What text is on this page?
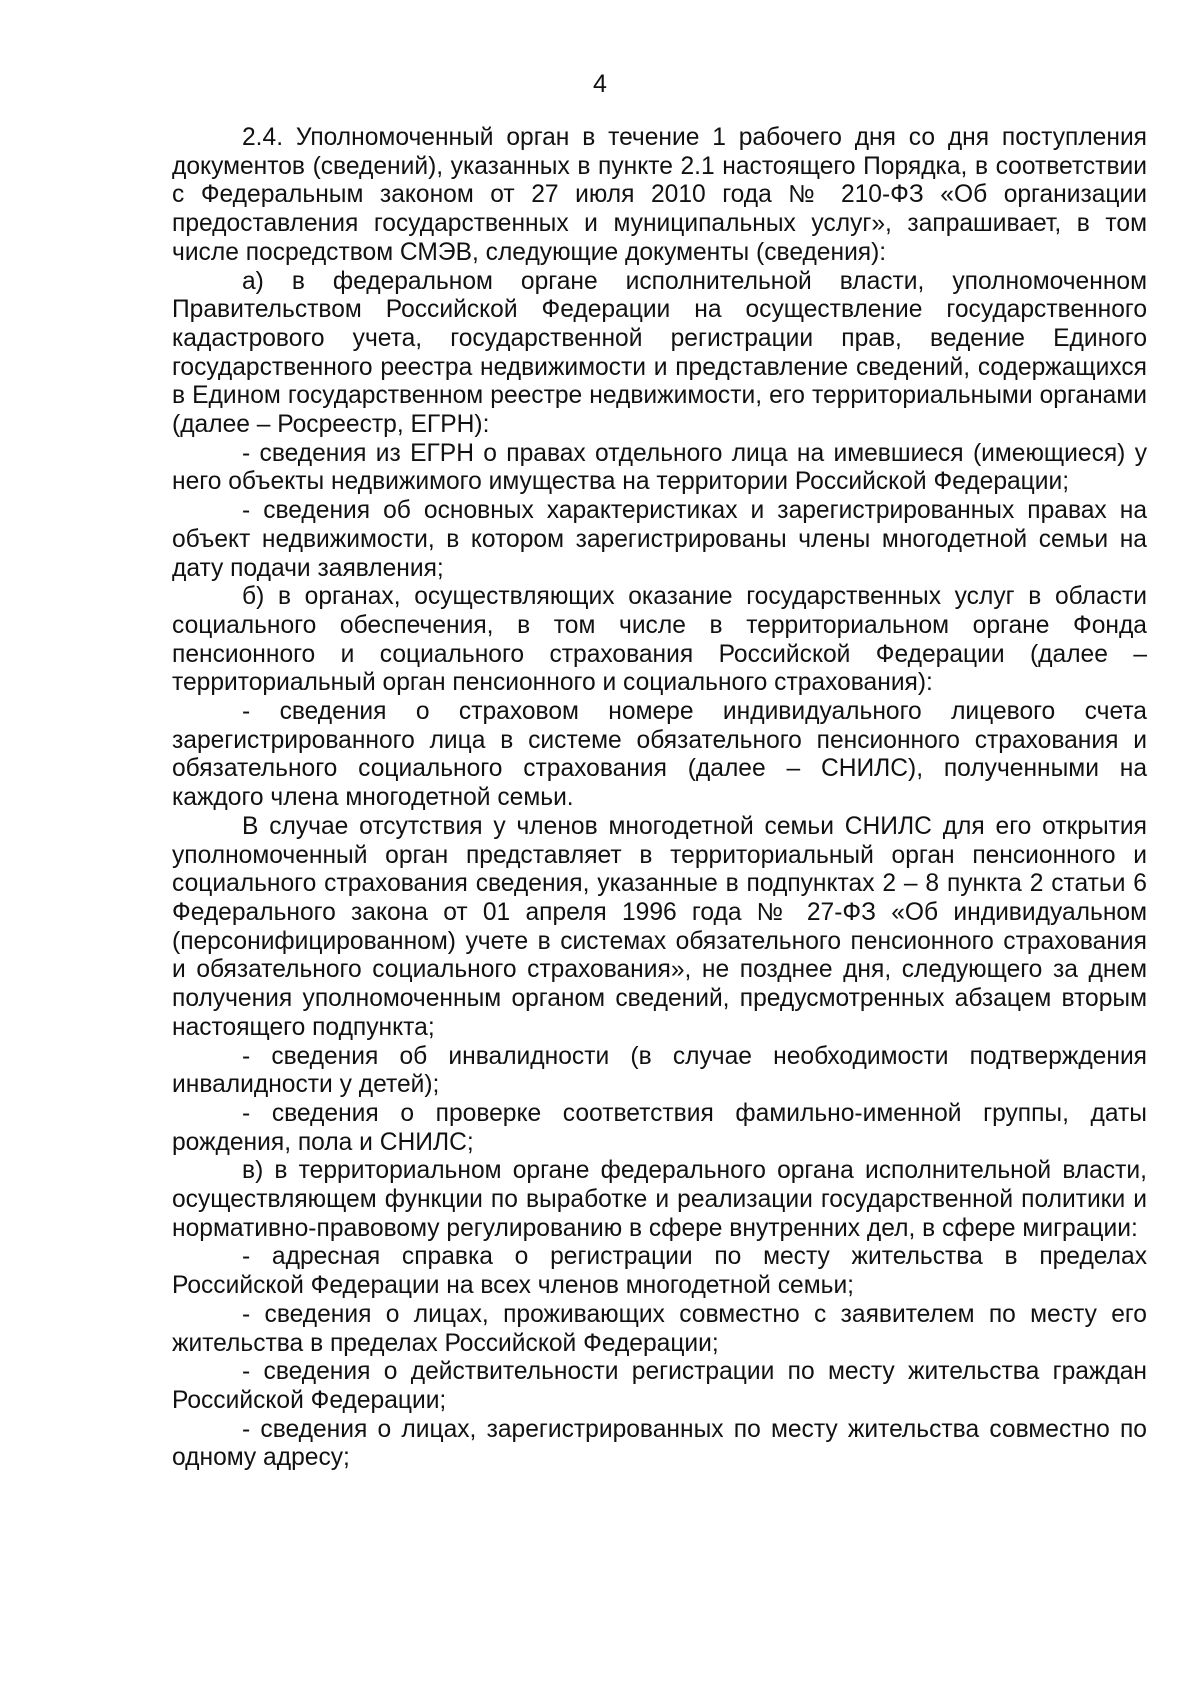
4

2.4. Уполномоченный орган в течение 1 рабочего дня со дня поступления документов (сведений), указанных в пункте 2.1 настоящего Порядка, в соответствии с Федеральным законом от 27 июля 2010 года № 210-ФЗ «Об организации предоставления государственных и муниципальных услуг», запрашивает, в том числе посредством СМЭВ, следующие документы (сведения):

а) в федеральном органе исполнительной власти, уполномоченном Правительством Российской Федерации на осуществление государственного кадастрового учета, государственной регистрации прав, ведение Единого государственного реестра недвижимости и представление сведений, содержащихся в Едином государственном реестре недвижимости, его территориальными органами (далее – Росреестр, ЕГРН):

- сведения из ЕГРН о правах отдельного лица на имевшиеся (имеющиеся) у него объекты недвижимого имущества на территории Российской Федерации;

- сведения об основных характеристиках и зарегистрированных правах на объект недвижимости, в котором зарегистрированы члены многодетной семьи на дату подачи заявления;

б) в органах, осуществляющих оказание государственных услуг в области социального обеспечения, в том числе в территориальном органе Фонда пенсионного и социального страхования Российской Федерации (далее – территориальный орган пенсионного и социального страхования):

- сведения о страховом номере индивидуального лицевого счета зарегистрированного лица в системе обязательного пенсионного страхования и обязательного социального страхования (далее – СНИЛС), полученными на каждого члена многодетной семьи.

В случае отсутствия у членов многодетной семьи СНИЛС для его открытия уполномоченный орган представляет в территориальный орган пенсионного и социального страхования сведения, указанные в подпунктах 2 – 8 пункта 2 статьи 6 Федерального закона от 01 апреля 1996 года № 27-ФЗ «Об индивидуальном (персонифицированном) учете в системах обязательного пенсионного страхования и обязательного социального страхования», не позднее дня, следующего за днем получения уполномоченным органом сведений, предусмотренных абзацем вторым настоящего подпункта;

- сведения об инвалидности (в случае необходимости подтверждения инвалидности у детей);

- сведения о проверке соответствия фамильно-именной группы, даты рождения, пола и СНИЛС;

в) в территориальном органе федерального органа исполнительной власти, осуществляющем функции по выработке и реализации государственной политики и нормативно-правовому регулированию в сфере внутренних дел, в сфере миграции:

- адресная справка о регистрации по месту жительства в пределах Российской Федерации на всех членов многодетной семьи;

- сведения о лицах, проживающих совместно с заявителем по месту его жительства в пределах Российской Федерации;

- сведения о действительности регистрации по месту жительства граждан Российской Федерации;

- сведения о лицах, зарегистрированных по месту жительства совместно по одному адресу;
